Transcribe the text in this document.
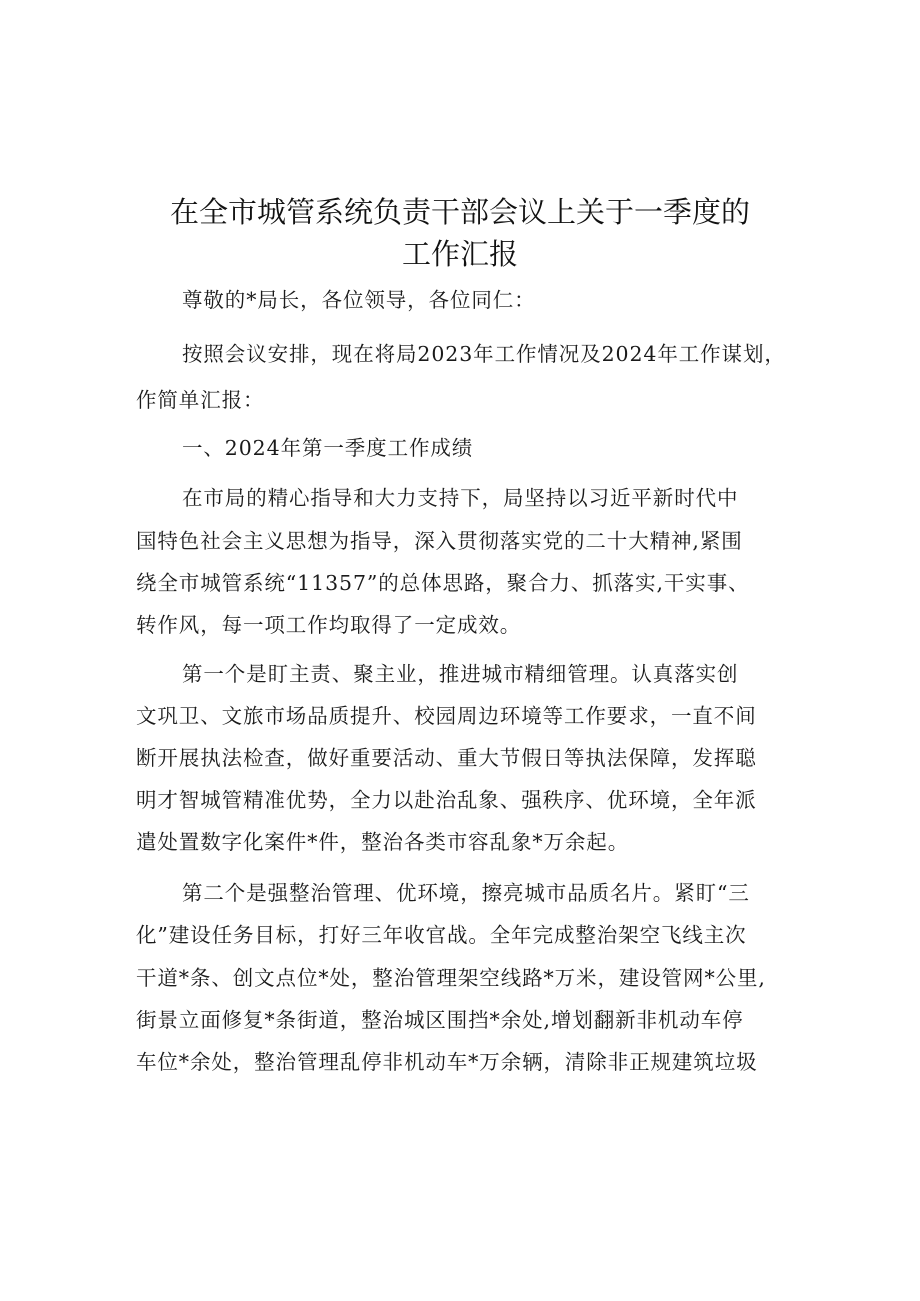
在全市城管系统负责干部会议上关于一季度的
工作汇报
尊敬的*局长，各位领导，各位同仁：
按照会议安排，现在将局2023年工作情况及2024年工作谋划，
作简单汇报：
一、2024年第一季度工作成绩
在市局的精心指导和大力支持下，局坚持以习近平新时代中
国特色社会主义思想为指导，深入贯彻落实党的二十大精神,紧围
绕全市城管系统“11357”的总体思路，聚合力、抓落实,干实事、
转作风，每一项工作均取得了一定成效。
第一个是盯主责、聚主业，推进城市精细管理。认真落实创
文巩卫、文旅市场品质提升、校园周边环境等工作要求，一直不间
断开展执法检查，做好重要活动、重大节假日等执法保障，发挥聪
明才智城管精准优势，全力以赴治乱象、强秩序、优环境，全年派
遣处置数字化案件*件，整治各类市容乱象*万余起。
第二个是强整治管理、优环境，擦亮城市品质名片。紧盯“三
化”建设任务目标，打好三年收官战。全年完成整治架空飞线主次
干道*条、创文点位*处，整治管理架空线路*万米，建设管网*公里,
街景立面修复*条街道，整治城区围挡*余处,增划翻新非机动车停
车位*余处，整治管理乱停非机动车*万余辆，清除非正规建筑垃圾
